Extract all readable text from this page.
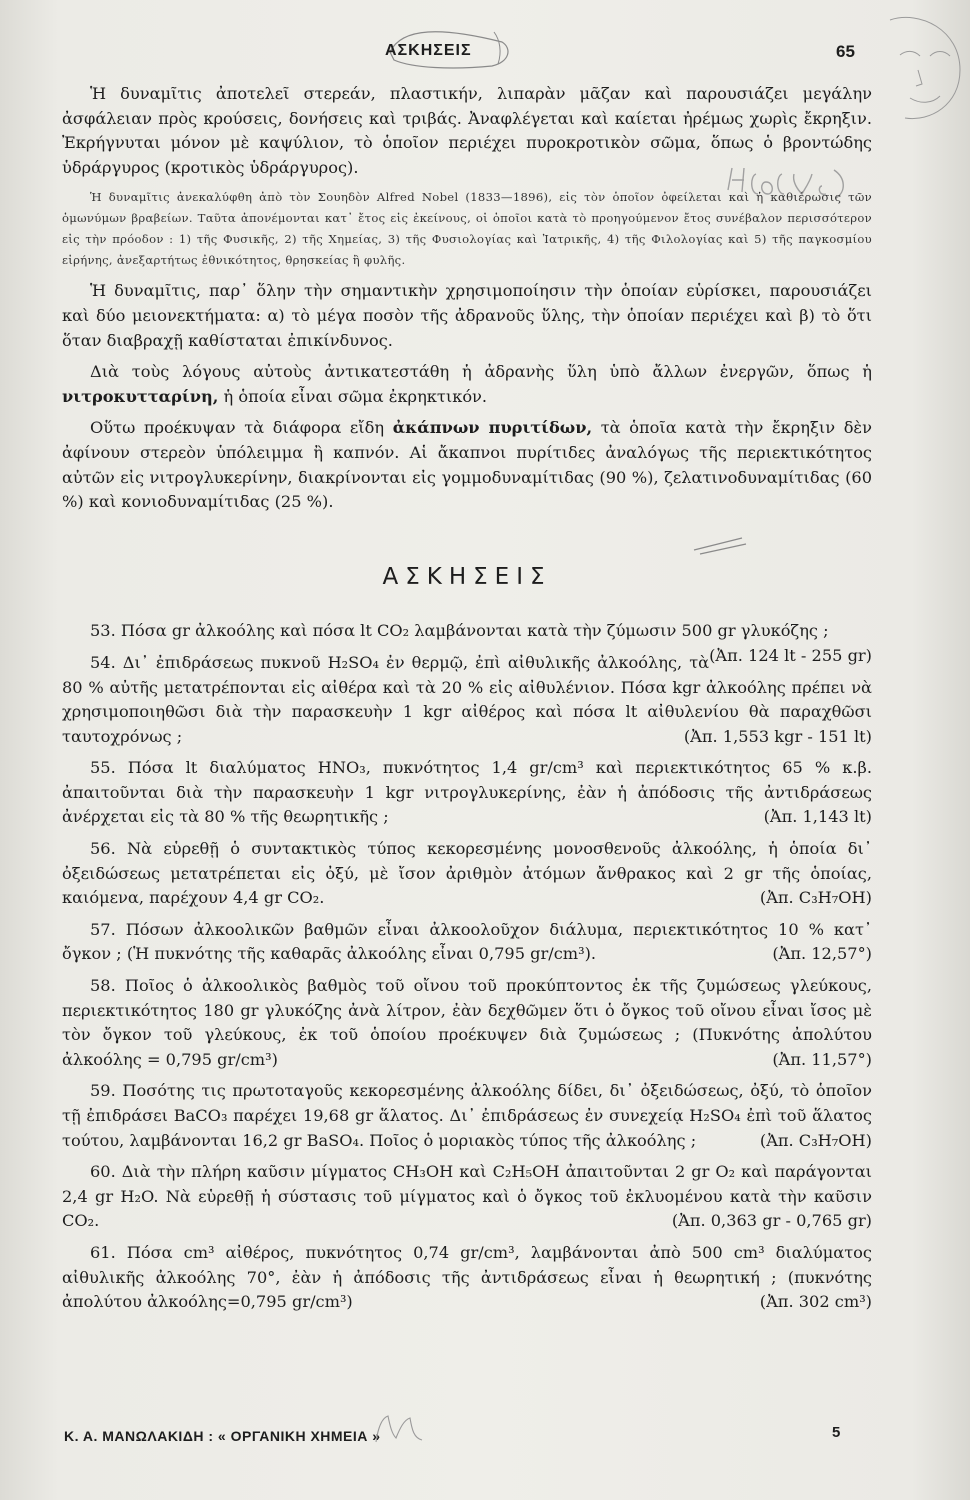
ΑΣΚΗΣΕΙΣ	65

Ἡ δυναμῖτις ἀποτελεῖ στερεάν, πλαστικήν, λιπαρὰν μᾶζαν καὶ παρουσιάζει μεγάλην ἀσφάλειαν πρὸς κρούσεις, δονήσεις καὶ τριβάς. Ἀναφλέγεται καὶ καίεται ἠρέμως χωρὶς ἔκρηξιν. Ἐκρήγνυται μόνον μὲ καψύλιον, τὸ ὁποῖον περιέχει πυροκροτικὸν σῶμα, ὅπως ὁ βροντώδης ὑδράργυρος (κροτικὸς ὑδράργυρος).

Ἡ δυναμῖτις ἀνεκαλύφθη ἀπὸ τὸν Σουηδὸν Alfred Nobel (1833—1896), εἰς τὸν ὁποῖον ὀφείλεται καὶ ἡ καθιέρωσις τῶν ὁμωνύμων βραβείων. Ταῦτα ἀπονέμονται κατ᾽ ἔτος εἰς ἐκείνους, οἱ ὁποῖοι κατὰ τὸ προηγούμενον ἔτος συνέβαλον περισσότερον εἰς τὴν πρόοδον : 1) τῆς Φυσικῆς, 2) τῆς Χημείας, 3) τῆς Φυσιολογίας καὶ Ἰατρικῆς, 4) τῆς Φιλολογίας καὶ 5) τῆς παγκοσμίου εἰρήνης, ἀνεξαρτήτως ἐθνικότητος, θρησκείας ἢ φυλῆς.

Ἡ δυναμῖτις, παρ᾽ ὅλην τὴν σημαντικὴν χρησιμοποίησιν τὴν ὁποίαν εὑρίσκει, παρουσιάζει καὶ δύο μειονεκτήματα: α) τὸ μέγα ποσὸν τῆς ἀδρανοῦς ὕλης, τὴν ὁποίαν περιέχει καὶ β) τὸ ὅτι ὅταν διαβραχῇ καθίσταται ἐπικίνδυνος.

Διὰ τοὺς λόγους αὐτοὺς ἀντικατεστάθη ἡ ἀδρανὴς ὕλη ὑπὸ ἄλλων ἐνεργῶν, ὅπως ἡ νιτροκυτταρίνη, ἡ ὁποία εἶναι σῶμα ἐκρηκτικόν.

Οὕτω προέκυψαν τὰ διάφορα εἴδη ἀκάπνων πυριτίδων, τὰ ὁποῖα κατὰ τὴν ἔκρηξιν δὲν ἀφίνουν στερεὸν ὑπόλειμμα ἢ καπνόν. Αἱ ἄκαπνοι πυρίτιδες ἀναλόγως τῆς περιεκτικότητος αὐτῶν εἰς νιτρογλυκερίνην, διακρίνονται εἰς γομμοδυναμίτιδας (90 %), ζελατινοδυναμίτιδας (60 %) καὶ κονιοδυναμίτιδας (25 %).

ΑΣΚΗΣΕΙΣ

53. Πόσα gr ἀλκοόλης καὶ πόσα lt CO₂ λαμβάνονται κατὰ τὴν ζύμωσιν 500 gr γλυκόζης ;
(Ἀπ. 124 lt - 255 gr)

54. Δι᾽ ἐπιδράσεως πυκνοῦ H₂SO₄ ἐν θερμῷ, ἐπὶ αἰθυλικῆς ἀλκοόλης, τὰ 80 % αὐτῆς μετατρέπονται εἰς αἰθέρα καὶ τὰ 20 % εἰς αἰθυλένιον. Πόσα kgr ἀλκοόλης πρέπει νὰ χρησιμοποιηθῶσι διὰ τὴν παρασκευὴν 1 kgr αἰθέρος καὶ πόσα lt αἰθυλενίου θὰ παραχθῶσι ταυτοχρόνως ;	(Ἀπ. 1,553 kgr - 151 lt)

55. Πόσα lt διαλύματος HNO₃, πυκνότητος 1,4 gr/cm³ καὶ περιεκτικότητος 65 % κ.β. ἀπαιτοῦνται διὰ τὴν παρασκευὴν 1 kgr νιτρογλυκερίνης, ἐὰν ἡ ἀπόδοσις τῆς ἀντιδράσεως ἀνέρχεται εἰς τὰ 80 % τῆς θεωρητικῆς ;	(Ἀπ. 1,143 lt)

56. Νὰ εὑρεθῇ ὁ συντακτικὸς τύπος κεκορεσμένης μονοσθενοῦς ἀλκοόλης, ἡ ὁποία δι᾽ ὀξειδώσεως μετατρέπεται εἰς ὀξύ, μὲ ἴσον ἀριθμὸν ἀτόμων ἄνθρακος καὶ 2 gr τῆς ὁποίας, καιόμενα, παρέχουν 4,4 gr CO₂.	(Ἀπ. C₃H₇OH)

57. Πόσων ἀλκοολικῶν βαθμῶν εἶναι ἀλκοολοῦχον διάλυμα, περιεκτικότητος 10 % κατ᾽ ὄγκον ; (Ἡ πυκνότης τῆς καθαρᾶς ἀλκοόλης εἶναι 0,795 gr/cm³).	(Ἀπ. 12,57°)

58. Ποῖος ὁ ἀλκοολικὸς βαθμὸς τοῦ οἴνου τοῦ προκύπτοντος ἐκ τῆς ζυμώσεως γλεύκους, περιεκτικότητος 180 gr γλυκόζης ἀνὰ λίτρον, ἐὰν δεχθῶμεν ὅτι ὁ ὄγκος τοῦ οἴνου εἶναι ἴσος μὲ τὸν ὄγκον τοῦ γλεύκους, ἐκ τοῦ ὁποίου προέκυψεν διὰ ζυμώσεως ; (Πυκνότης ἀπολύτου ἀλκοόλης = 0,795 gr/cm³)	(Ἀπ. 11,57°)

59. Ποσότης τις πρωτοταγοῦς κεκορεσμένης ἀλκοόλης δίδει, δι᾽ ὀξειδώσεως, ὀξύ, τὸ ὁποῖον τῇ ἐπιδράσει BaCO₃ παρέχει 19,68 gr ἅλατος. Δι᾽ ἐπιδράσεως ἐν συνεχείᾳ H₂SO₄ ἐπὶ τοῦ ἅλατος τούτου, λαμβάνονται 16,2 gr BaSO₄. Ποῖος ὁ μοριακὸς τύπος τῆς ἀλκοόλης ;	(Ἀπ. C₃H₇OH)

60. Διὰ τὴν πλήρη καῦσιν μίγματος CH₃OH καὶ C₂H₅OH ἀπαιτοῦνται 2 gr O₂ καὶ παράγονται 2,4 gr H₂O. Νὰ εὑρεθῇ ἡ σύστασις τοῦ μίγματος καὶ ὁ ὄγκος τοῦ ἐκλυομένου κατὰ τὴν καῦσιν CO₂.	(Ἀπ. 0,363 gr - 0,765 gr)

61. Πόσα cm³ αἰθέρος, πυκνότητος 0,74 gr/cm³, λαμβάνονται ἀπὸ 500 cm³ διαλύματος αἰθυλικῆς ἀλκοόλης 70°, ἐὰν ἡ ἀπόδοσις τῆς ἀντιδράσεως εἶναι ἡ θεωρητική ; (πυκνότης ἀπολύτου ἀλκοόλης=0,795 gr/cm³)	(Ἀπ. 302 cm³)

Κ. Α. ΜΑΝΩΛΑΚΙΔΗ : « ΟΡΓΑΝΙΚΗ ΧΗΜΕΙΑ »	5
